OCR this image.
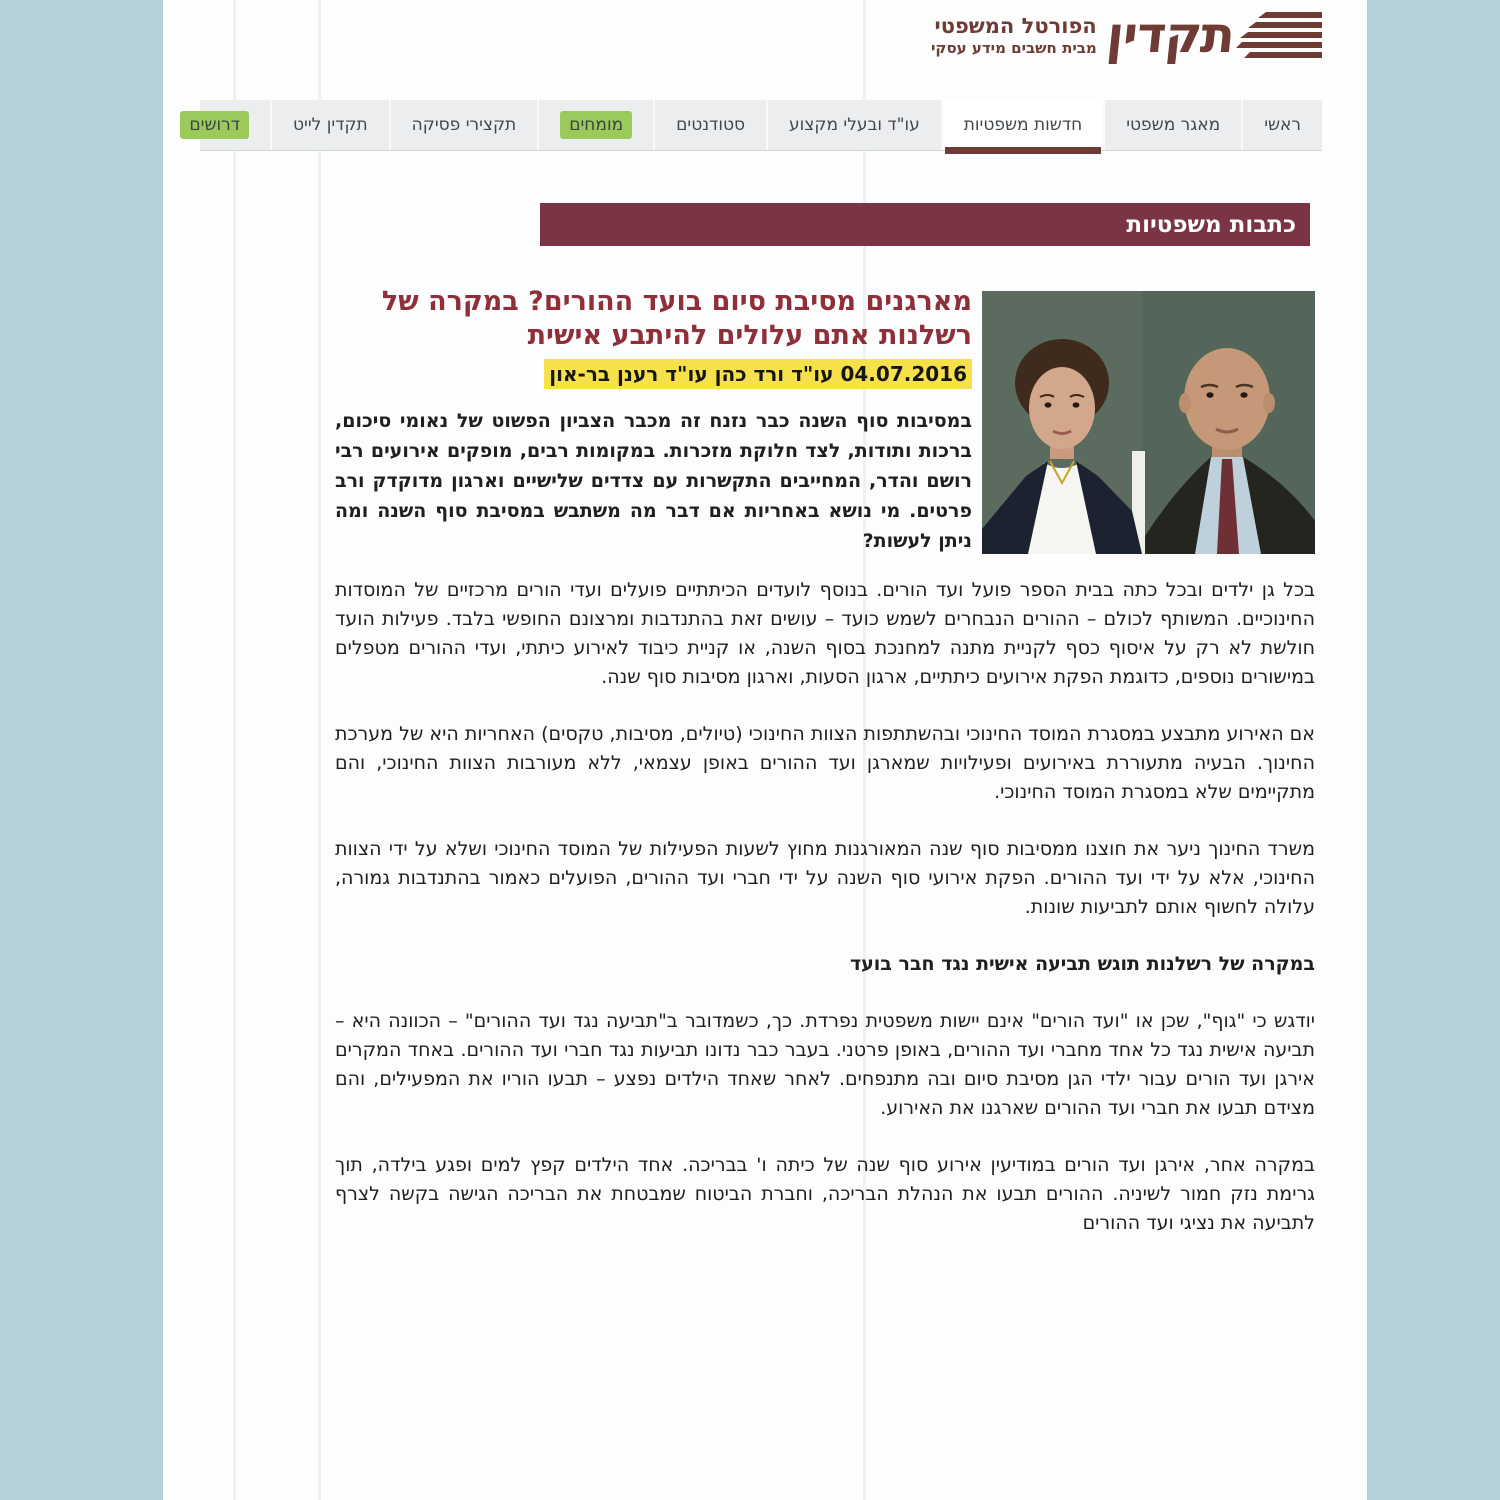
תקדין
הפורטל המשפטי
מבית חשבים מידע עסקי
ראשי
מאגר משפטי
חדשות משפטיות
עו"ד ובעלי מקצוע
סטודנטים
מומחים
תקצירי פסיקה
תקדין לייט
דרושים
כתבות משפטיות
מארגנים מסיבת סיום בועד ההורים? במקרה של רשלנות אתם עלולים להיתבע אישית
04.07.2016 עו"ד ורד כהן עו"ד רענן בר-און
במסיבות סוף השנה כבר נזנח זה מכבר הצביון הפשוט של נאומי סיכום, ברכות ותודות, לצד חלוקת מזכרות. במקומות רבים, מופקים אירועים רבי רושם והדר, המחייבים התקשרות עם צדדים שלישיים וארגון מדוקדק ורב פרטים. מי נושא באחריות אם דבר מה משתבש במסיבת סוף השנה ומה ניתן לעשות?

בכל גן ילדים ובכל כתה בבית הספר פועל ועד הורים. בנוסף לועדים הכיתתיים פועלים ועדי הורים מרכזיים של המוסדות החינוכיים. המשותף לכולם – ההורים הנבחרים לשמש כועד – עושים זאת בהתנדבות ומרצונם החופשי בלבד. פעילות הועד חולשת לא רק על איסוף כסף לקניית מתנה למחנכת בסוף השנה, או קניית כיבוד לאירוע כיתתי, ועדי ההורים מטפלים במישורים נוספים, כדוגמת הפקת אירועים כיתתיים, ארגון הסעות, וארגון מסיבות סוף שנה.

אם האירוע מתבצע במסגרת המוסד החינוכי ובהשתתפות הצוות החינוכי (טיולים, מסיבות, טקסים) האחריות היא של מערכת החינוך. הבעיה מתעוררת באירועים ופעילויות שמארגן ועד ההורים באופן עצמאי, ללא מעורבות הצוות החינוכי, והם מתקיימים שלא במסגרת המוסד החינוכי.

משרד החינוך ניער את חוצנו ממסיבות סוף שנה המאורגנות מחוץ לשעות הפעילות של המוסד החינוכי ושלא על ידי הצוות החינוכי, אלא על ידי ועד ההורים. הפקת אירועי סוף השנה על ידי חברי ועד ההורים, הפועלים כאמור בהתנדבות גמורה, עלולה לחשוף אותם לתביעות שונות.

במקרה של רשלנות תוגש תביעה אישית נגד חבר בועד

יודגש כי "גוף", שכן או "ועד הורים" אינם יישות משפטית נפרדת. כך, כשמדובר ב"תביעה נגד ועד ההורים" – הכוונה היא – תביעה אישית נגד כל אחד מחברי ועד ההורים, באופן פרטני. בעבר כבר נדונו תביעות נגד חברי ועד ההורים. באחד המקרים אירגן ועד הורים עבור ילדי הגן מסיבת סיום ובה מתנפחים. לאחר שאחד הילדים נפצע – תבעו הוריו את המפעילים, והם מצידם תבעו את חברי ועד ההורים שארגנו את האירוע.

במקרה אחר, אירגן ועד הורים במודיעין אירוע סוף שנה של כיתה ו' בבריכה. אחד הילדים קפץ למים ופגע בילדה, תוך גרימת נזק חמור לשיניה. ההורים תבעו את הנהלת הבריכה, וחברת הביטוח שמבטחת את הבריכה הגישה בקשה לצרף לתביעה את נציגי ועד ההורים
